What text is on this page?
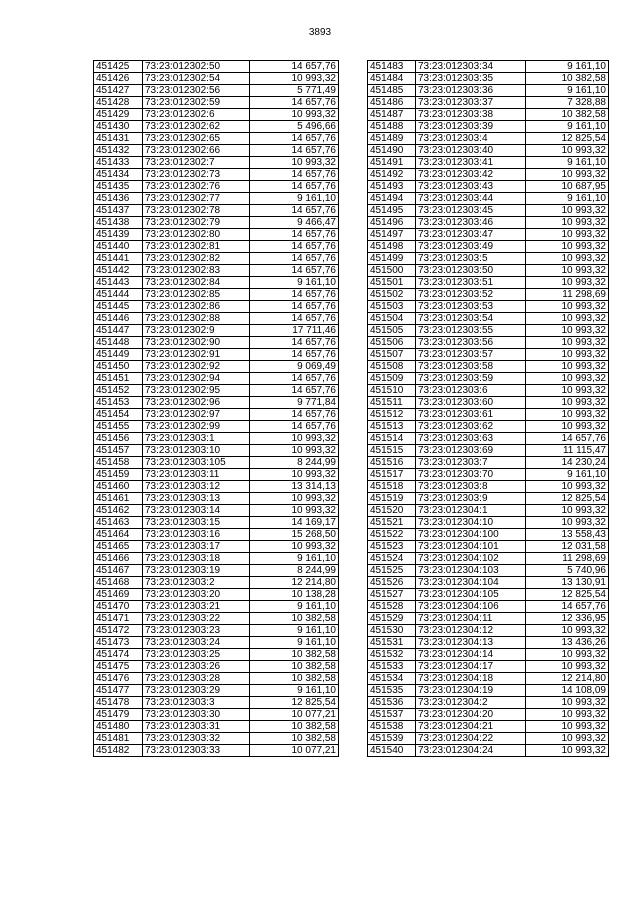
3893
451425	73:23:012302:50	14 657,76
451426	73:23:012302:54	10 993,32
451427	73:23:012302:56	5 771,49
451428	73:23:012302:59	14 657,76
451429	73:23:012302:6	10 993,32
451430	73:23:012302:62	5 496,66
451431	73:23:012302:65	14 657,76
451432	73:23:012302:66	14 657,76
451433	73:23:012302:7	10 993,32
451434	73:23:012302:73	14 657,76
451435	73:23:012302:76	14 657,76
451436	73:23:012302:77	9 161,10
451437	73:23:012302:78	14 657,76
451438	73:23:012302:79	9 466,47
451439	73:23:012302:80	14 657,76
451440	73:23:012302:81	14 657,76
451441	73:23:012302:82	14 657,76
451442	73:23:012302:83	14 657,76
451443	73:23:012302:84	9 161,10
451444	73:23:012302:85	14 657,76
451445	73:23:012302:86	14 657,76
451446	73:23:012302:88	14 657,76
451447	73:23:012302:9	17 711,46
451448	73:23:012302:90	14 657,76
451449	73:23:012302:91	14 657,76
451450	73:23:012302:92	9 069,49
451451	73:23:012302:94	14 657,76
451452	73:23:012302:95	14 657,76
451453	73:23:012302:96	9 771,84
451454	73:23:012302:97	14 657,76
451455	73:23:012302:99	14 657,76
451456	73:23:012303:1	10 993,32
451457	73:23:012303:10	10 993,32
451458	73:23:012303:105	8 244,99
451459	73:23:012303:11	10 993,32
451460	73:23:012303:12	13 314,13
451461	73:23:012303:13	10 993,32
451462	73:23:012303:14	10 993,32
451463	73:23:012303:15	14 169,17
451464	73:23:012303:16	15 268,50
451465	73:23:012303:17	10 993,32
451466	73:23:012303:18	9 161,10
451467	73:23:012303:19	8 244,99
451468	73:23:012303:2	12 214,80
451469	73:23:012303:20	10 138,28
451470	73:23:012303:21	9 161,10
451471	73:23:012303:22	10 382,58
451472	73:23:012303:23	9 161,10
451473	73:23:012303:24	9 161,10
451474	73:23:012303:25	10 382,58
451475	73:23:012303:26	10 382,58
451476	73:23:012303:28	10 382,58
451477	73:23:012303:29	9 161,10
451478	73:23:012303:3	12 825,54
451479	73:23:012303:30	10 077,21
451480	73:23:012303:31	10 382,58
451481	73:23:012303:32	10 382,58
451482	73:23:012303:33	10 077,21
451483	73:23:012303:34	9 161,10
451484	73:23:012303:35	10 382,58
451485	73:23:012303:36	9 161,10
451486	73:23:012303:37	7 328,88
451487	73:23:012303:38	10 382,58
451488	73:23:012303:39	9 161,10
451489	73:23:012303:4	12 825,54
451490	73:23:012303:40	10 993,32
451491	73:23:012303:41	9 161,10
451492	73:23:012303:42	10 993,32
451493	73:23:012303:43	10 687,95
451494	73:23:012303:44	9 161,10
451495	73:23:012303:45	10 993,32
451496	73:23:012303:46	10 993,32
451497	73:23:012303:47	10 993,32
451498	73:23:012303:49	10 993,32
451499	73:23:012303:5	10 993,32
451500	73:23:012303:50	10 993,32
451501	73:23:012303:51	10 993,32
451502	73:23:012303:52	11 298,69
451503	73:23:012303:53	10 993,32
451504	73:23:012303:54	10 993,32
451505	73:23:012303:55	10 993,32
451506	73:23:012303:56	10 993,32
451507	73:23:012303:57	10 993,32
451508	73:23:012303:58	10 993,32
451509	73:23:012303:59	10 993,32
451510	73:23:012303:6	10 993,32
451511	73:23:012303:60	10 993,32
451512	73:23:012303:61	10 993,32
451513	73:23:012303:62	10 993,32
451514	73:23:012303:63	14 657,76
451515	73:23:012303:69	11 115,47
451516	73:23:012303:7	14 230,24
451517	73:23:012303:70	9 161,10
451518	73:23:012303:8	10 993,32
451519	73:23:012303:9	12 825,54
451520	73:23:012304:1	10 993,32
451521	73:23:012304:10	10 993,32
451522	73:23:012304:100	13 558,43
451523	73:23:012304:101	12 031,58
451524	73:23:012304:102	11 298,69
451525	73:23:012304:103	5 740,96
451526	73:23:012304:104	13 130,91
451527	73:23:012304:105	12 825,54
451528	73:23:012304:106	14 657,76
451529	73:23:012304:11	12 336,95
451530	73:23:012304:12	10 993,32
451531	73:23:012304:13	13 436,26
451532	73:23:012304:14	10 993,32
451533	73:23:012304:17	10 993,32
451534	73:23:012304:18	12 214,80
451535	73:23:012304:19	14 108,09
451536	73:23:012304:2	10 993,32
451537	73:23:012304:20	10 993,32
451538	73:23:012304:21	10 993,32
451539	73:23:012304:22	10 993,32
451540	73:23:012304:24	10 993,32
